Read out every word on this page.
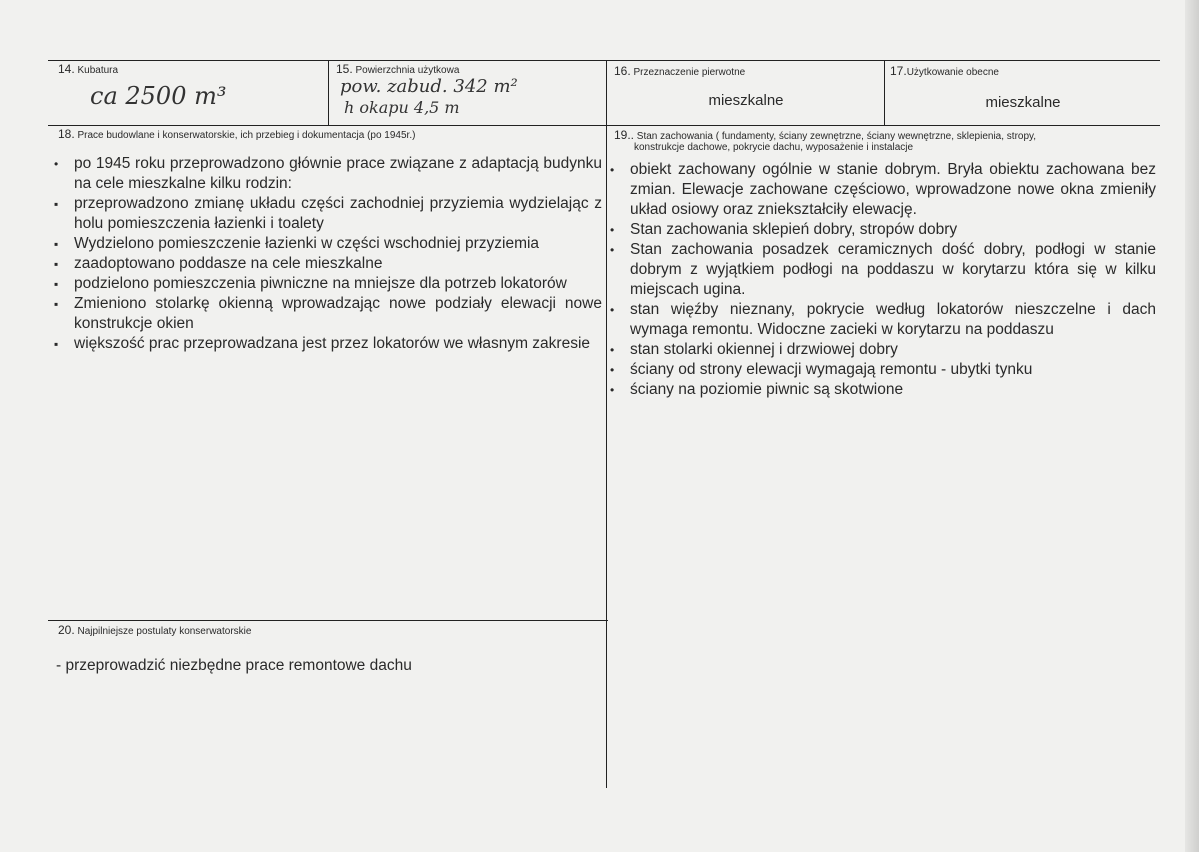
14. Kubatura
ca 2500 m³
15. Powierzchnia użytkowa
pow. zabud. 342 m²
h okapu 4,5 m
16. Przeznaczenie pierwotne
mieszkalne
17.Użytkowanie obecne
mieszkalne
18. Prace budowlane i konserwatorskie, ich przebieg i dokumentacja (po 1945r.)
• po 1945 roku przeprowadzono głównie prace związane z adaptacją budynku na cele mieszkalne kilku rodzin:
▪ przeprowadzono zmianę układu części zachodniej przyziemia wydzielając z holu pomieszczenia łazienki i toalety
▪ Wydzielono pomieszczenie łazienki w części wschodniej przyziemia
▪ zaadoptowano poddasze na cele mieszkalne
▪ podzielono pomieszczenia piwniczne na mniejsze dla potrzeb lokatorów
▪ Zmieniono stolarkę okienną wprowadzając nowe podziały elewacji nowe konstrukcje okien
▪ większość prac przeprowadzana jest przez lokatorów we własnym zakresie
19.. Stan zachowania ( fundamenty, ściany zewnętrzne, ściany wewnętrzne, sklepienia, stropy,
konstrukcje dachowe, pokrycie dachu, wyposażenie i instalacje
• obiekt zachowany ogólnie w stanie dobrym. Bryła obiektu zachowana bez zmian. Elewacje zachowane częściowo, wprowadzone nowe okna zmieniły układ osiowy oraz zniekształciły elewację.
• Stan zachowania sklepień dobry, stropów dobry
• Stan zachowania posadzek ceramicznych dość dobry, podłogi w stanie dobrym z wyjątkiem podłogi na poddaszu w korytarzu która się w kilku miejscach ugina.
• stan więźby nieznany, pokrycie według lokatorów nieszczelne i dach wymaga remontu. Widoczne zacieki w korytarzu na poddaszu
• stan stolarki okiennej i drzwiowej dobry
• ściany od strony elewacji wymagają remontu - ubytki tynku
• ściany na poziomie piwnic są skotwione
20. Najpilniejsze postulaty konserwatorskie
- przeprowadzić niezbędne prace remontowe dachu
